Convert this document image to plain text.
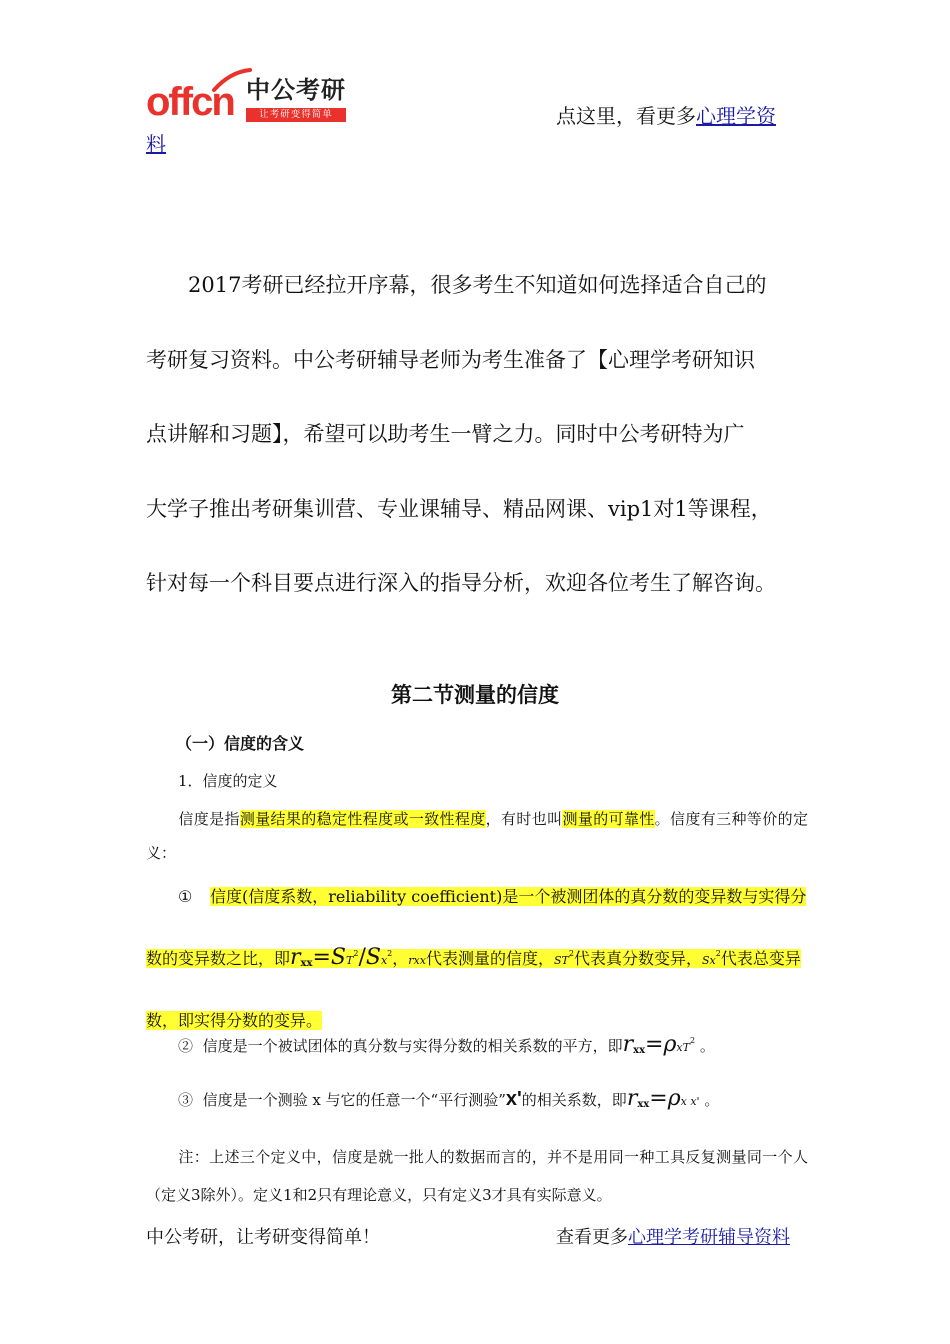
offcn 中公考研
让考研变得简单	点这里，看更多心理学资
料
2017考研已经拉开序幕，很多考生不知道如何选择适合自己的
考研复习资料。中公考研辅导老师为考生准备了【心理学考研知识
点讲解和习题】，希望可以助考生一臂之力。同时中公考研特为广
大学子推出考研集训营、专业课辅导、精品网课、vip1对1等课程，
针对每一个科目要点进行深入的指导分析，欢迎各位考生了解咨询。
第二节测量的信度
（一）信度的含义
1．信度的定义
信度是指测量结果的稳定性程度或一致性程度，有时也叫测量的可靠性。信度有三种等价的定义：
① 信度(信度系数，reliability coefficient)是一个被测团体的真分数的变异数与实得分数的变异数之比，即$r_{xx}=ST^2/Sx^2$，rxx代表测量的信度，$ST^2$代表真分数变异，Sx$^2$代表总变异数，即实得分数的变异。
② 信度是一个被试团体的真分数与实得分数的相关系数的平方，即$r_{xx}=\rho xT^2$ 。
③ 信度是一个测验 x 与它的任意一个“平行测验”x'的相关系数，即$r_{xx}=\rho x$ x' 。
注：上述三个定义中，信度是就一批人的数据而言的，并不是用同一种工具反复测量同一个人（定义3除外）。定义1和2只有理论意义，只有定义3才具有实际意义。
中公考研，让考研变得简单！	查看更多心理学考研辅导资料
